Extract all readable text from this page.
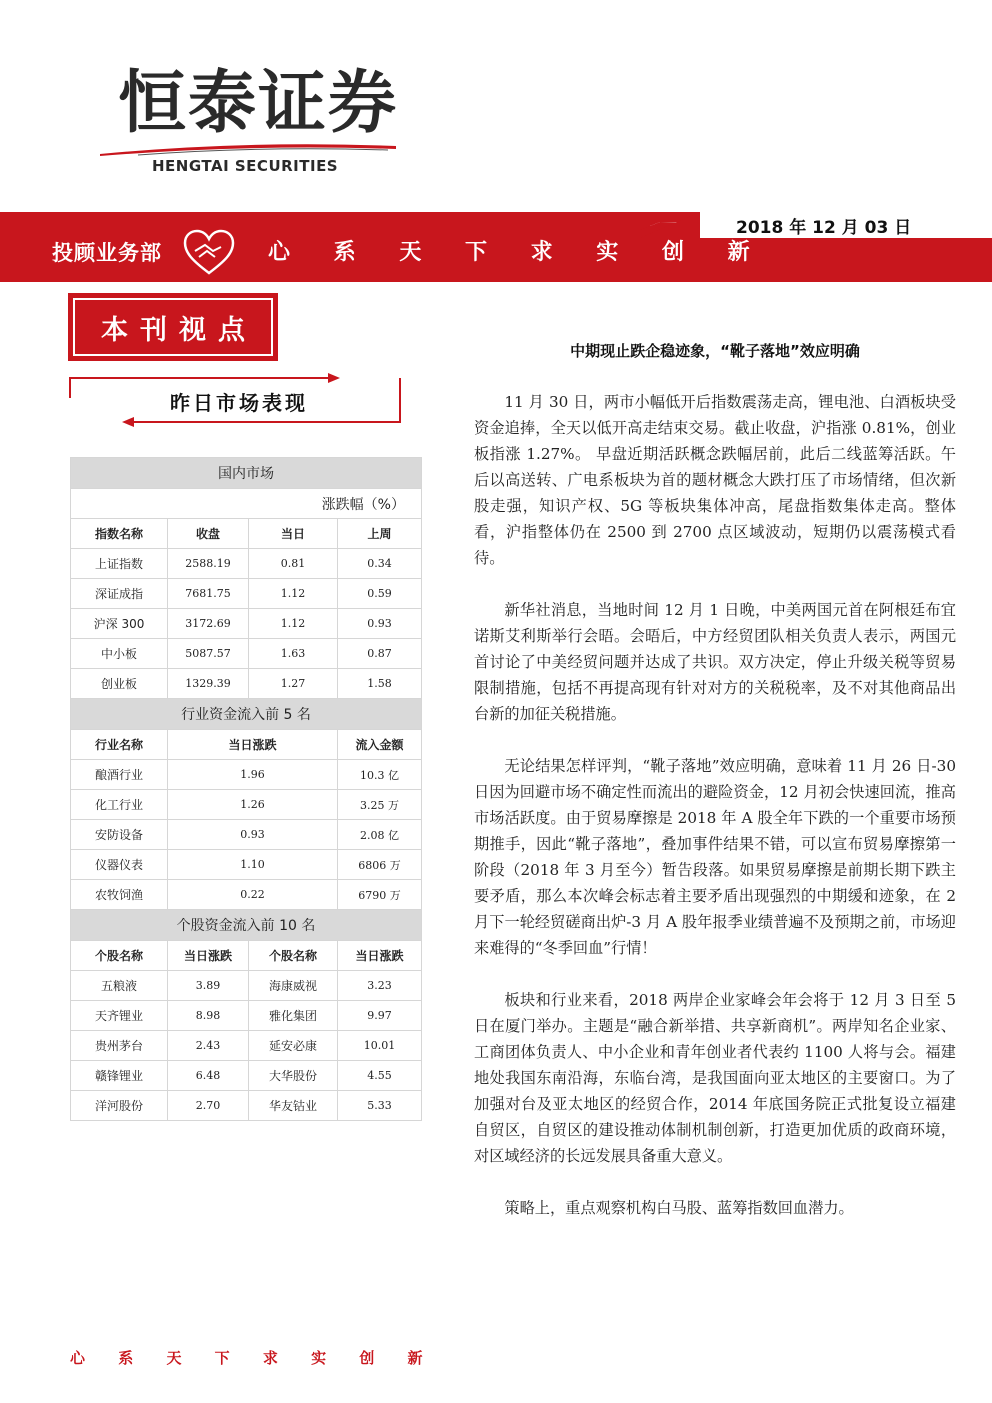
恒泰证券
HENGTAI SECURITIES
2018 年 12 月 03 日
投顾业务部	心 系 天 下 求 实 创 新
本刊视点
昨日市场表现
国内市场			
涨跌幅（%）			
指数名称	收盘	当日	上周
上证指数	2588.19	0.81	0.34
深证成指	7681.75	1.12	0.59
沪深 300	3172.69	1.12	0.93
中小板	5087.57	1.63	0.87
创业板	1329.39	1.27	1.58
行业资金流入前 5 名			
行业名称	当日涨跌		流入金额
酿酒行业	1.96		10.3 亿
化工行业	1.26		3.25 万
安防设备	0.93		2.08 亿
仪器仪表	1.10		6806 万
农牧饲渔	0.22		6790 万
个股资金流入前 10 名			
个股名称	当日涨跌	个股名称	当日涨跌
五粮液	3.89	海康威视	3.23
天齐锂业	8.98	雅化集团	9.97
贵州茅台	2.43	延安必康	10.01
赣锋锂业	6.48	大华股份	4.55
洋河股份	2.70	华友钴业	5.33
中期现止跌企稳迹象，“靴子落地”效应明确

11 月 30 日，两市小幅低开后指数震荡走高，锂电池、白酒板块受资金追捧，全天以低开高走结束交易。截止收盘，沪指涨 0.81%，创业板指涨 1.27%。 早盘近期活跃概念跌幅居前，此后二线蓝筹活跃。午后以高送转、广电系板块为首的题材概念大跌打压了市场情绪，但次新股走强，知识产权、5G 等板块集体冲高，尾盘指数集体走高。整体看，沪指整体仍在 2500 到 2700 点区域波动，短期仍以震荡模式看待。

新华社消息，当地时间 12 月 1 日晚，中美两国元首在阿根廷布宜诺斯艾利斯举行会晤。会晤后，中方经贸团队相关负责人表示，两国元首讨论了中美经贸问题并达成了共识。双方决定，停止升级关税等贸易限制措施，包括不再提高现有针对对方的关税税率，及不对其他商品出台新的加征关税措施。

无论结果怎样评判，“靴子落地”效应明确，意味着 11 月 26 日-30 日因为回避市场不确定性而流出的避险资金，12 月初会快速回流，推高市场活跃度。由于贸易摩擦是 2018 年 A 股全年下跌的一个重要市场预期推手，因此“靴子落地”，叠加事件结果不错，可以宣布贸易摩擦第一阶段（2018 年 3 月至今）暂告段落。如果贸易摩擦是前期长期下跌主要矛盾，那么本次峰会标志着主要矛盾出现强烈的中期缓和迹象，在 2 月下一轮经贸磋商出炉-3 月 A 股年报季业绩普遍不及预期之前，市场迎来难得的“冬季回血”行情！

板块和行业来看，2018 两岸企业家峰会年会将于 12 月 3 日至 5 日在厦门举办。主题是“融合新举措、共享新商机”。两岸知名企业家、工商团体负责人、中小企业和青年创业者代表约 1100 人将与会。福建地处我国东南沿海，东临台湾，是我国面向亚太地区的主要窗口。为了加强对台及亚太地区的经贸合作，2014 年底国务院正式批复设立福建自贸区，自贸区的建设推动体制机制创新，打造更加优质的政商环境，对区域经济的长远发展具备重大意义。

策略上，重点观察机构白马股、蓝筹指数回血潜力。

心 系 天 下 求 实 创 新
